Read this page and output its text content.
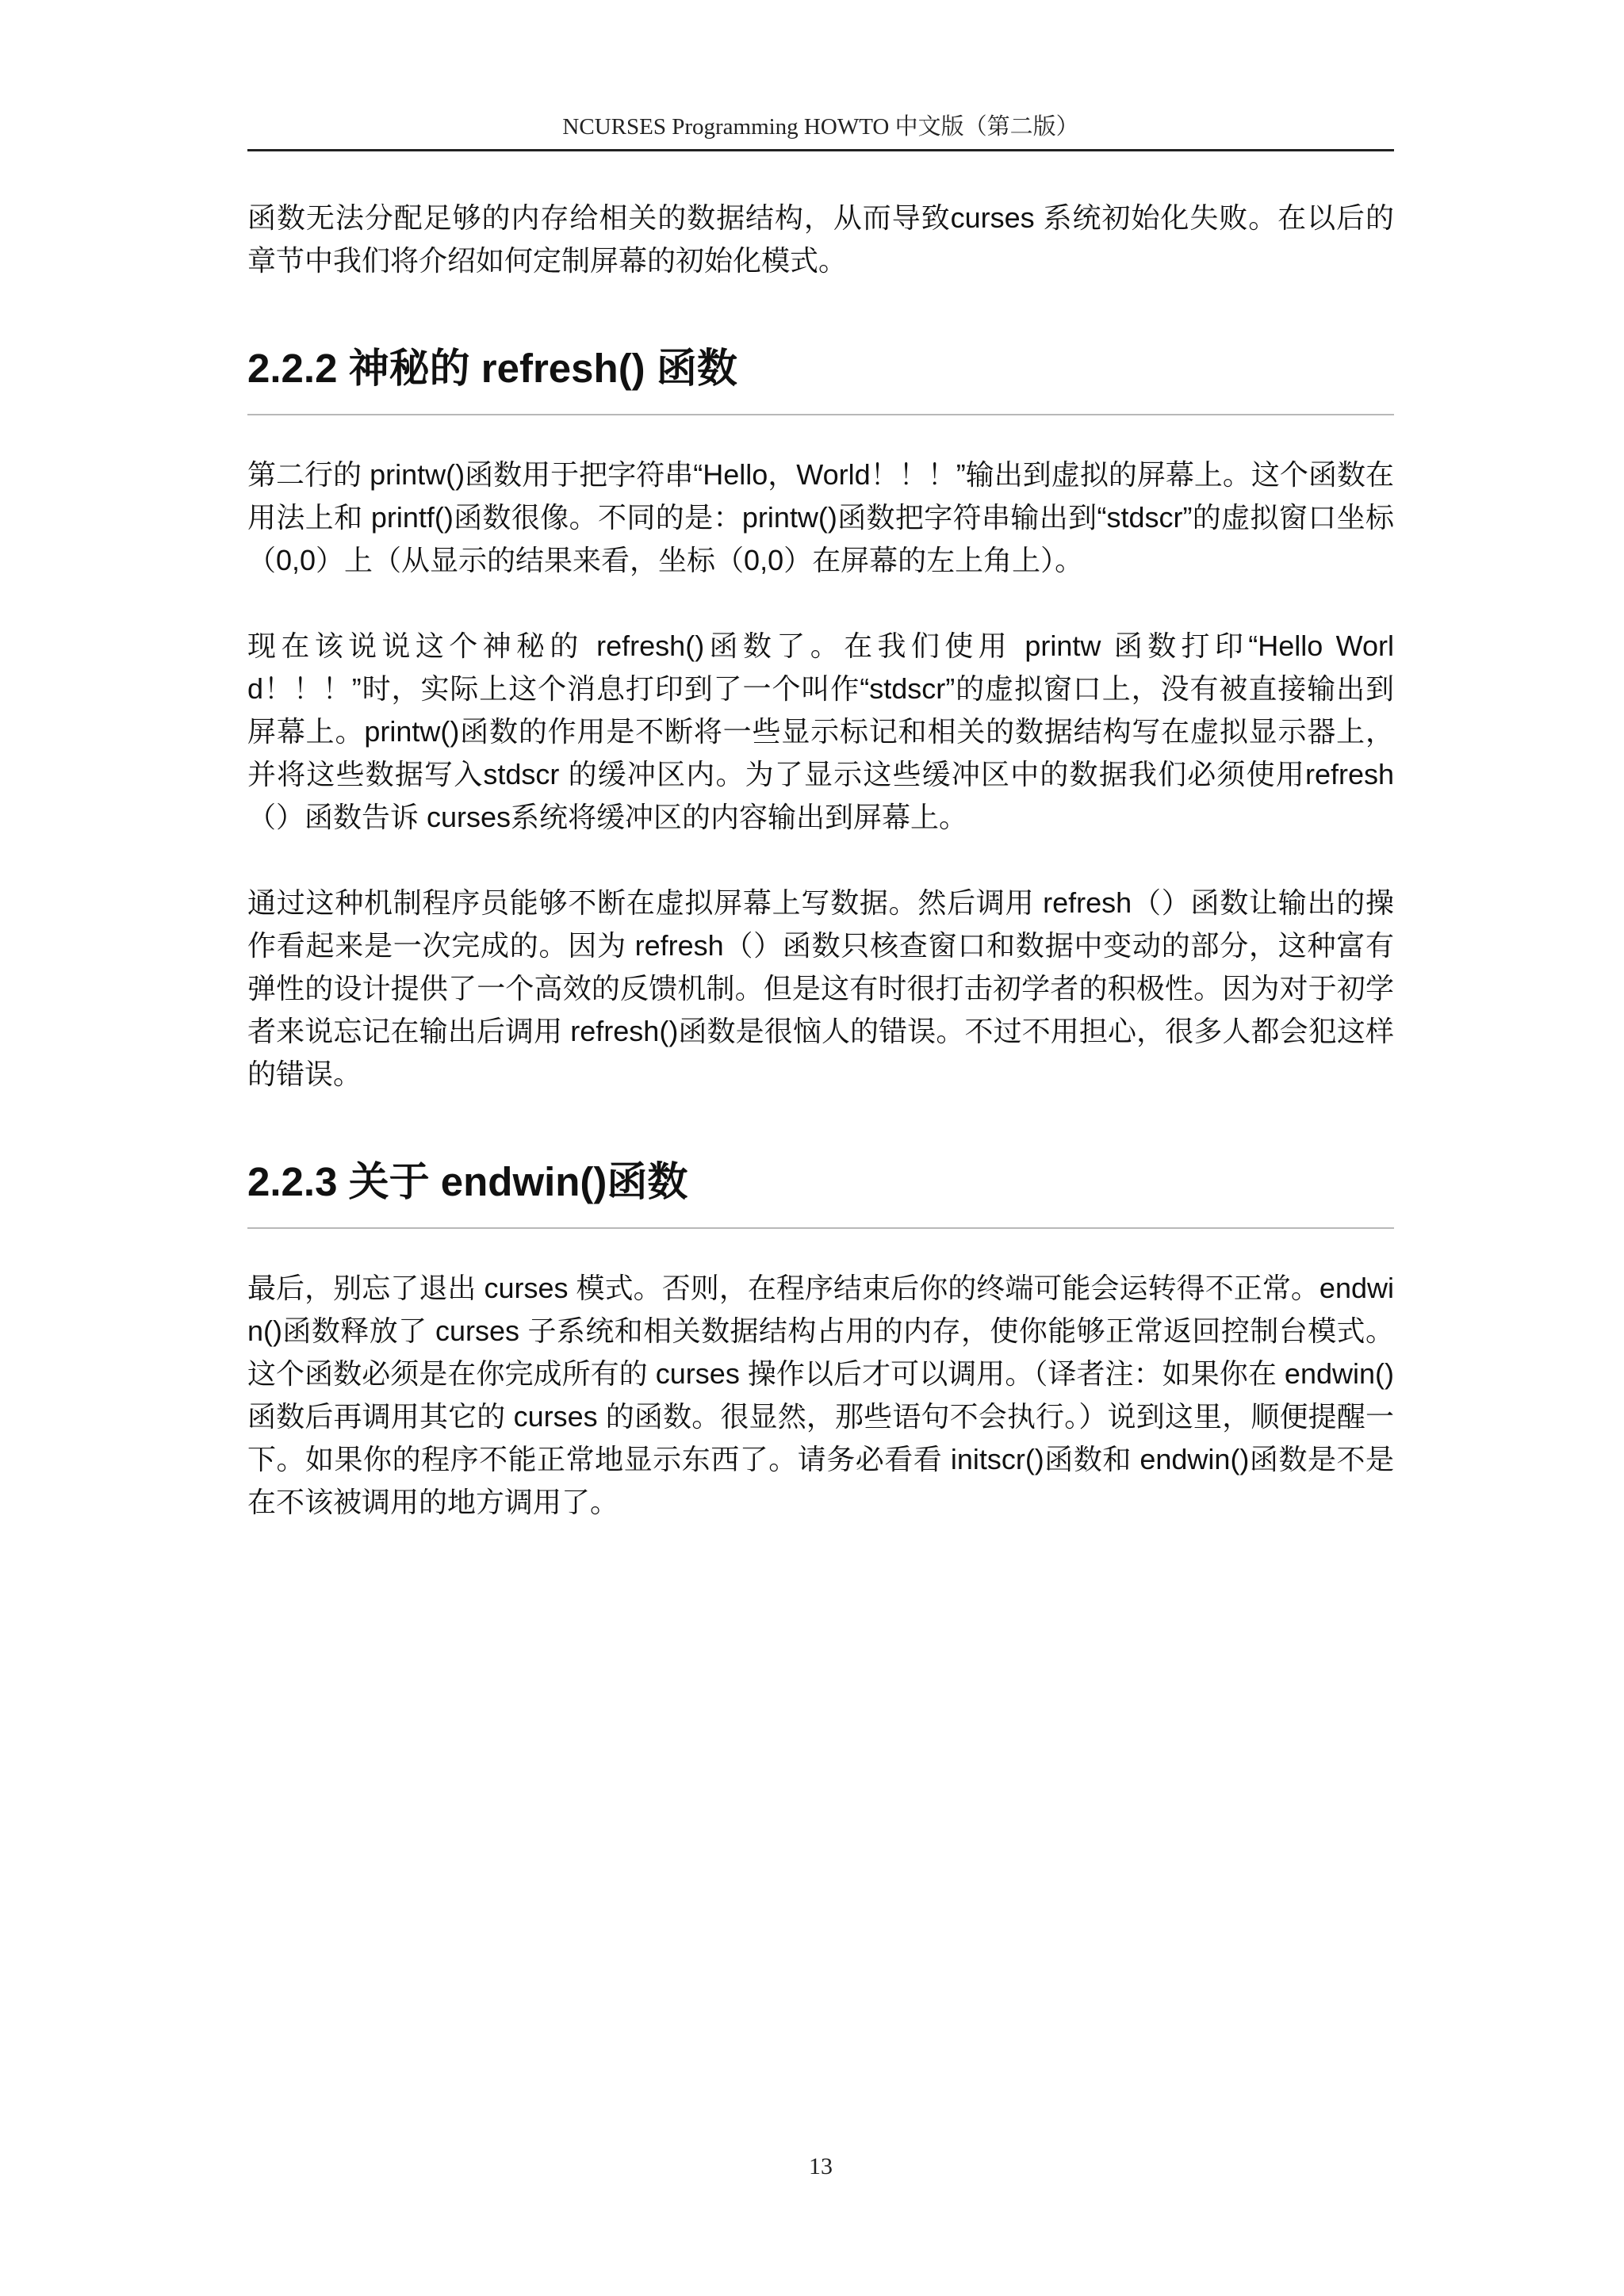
NCURSES Programming HOWTO 中文版（第二版）

函数无法分配足够的内存给相关的数据结构，从而导致curses 系统初始化失败。在以后的章节中我们将介绍如何定制屏幕的初始化模式。

2.2.2 神秘的 refresh() 函数

第二行的 printw()函数用于把字符串“Hello，World！！！”输出到虚拟的屏幕上。这个函数在用法上和 printf()函数很像。不同的是：printw()函数把字符串输出到“stdscr”的虚拟窗口坐标（0,0）上（从显示的结果来看，坐标（0,0）在屏幕的左上角上）。

现在该说说这个神秘的 refresh()函数了。在我们使用 printw 函数打印“Hello World！！！”时，实际上这个消息打印到了一个叫作“stdscr”的虚拟窗口上，没有被直接输出到屏幕上。printw()函数的作用是不断将一些显示标记和相关的数据结构写在虚拟显示器上，并将这些数据写入stdscr 的缓冲区内。为了显示这些缓冲区中的数据我们必须使用refresh（）函数告诉 curses系统将缓冲区的内容输出到屏幕上。

通过这种机制程序员能够不断在虚拟屏幕上写数据。然后调用 refresh（）函数让输出的操作看起来是一次完成的。因为 refresh（）函数只核查窗口和数据中变动的部分，这种富有弹性的设计提供了一个高效的反馈机制。但是这有时很打击初学者的积极性。因为对于初学者来说忘记在输出后调用 refresh()函数是很恼人的错误。不过不用担心，很多人都会犯这样的错误。

2.2.3 关于 endwin()函数

最后，别忘了退出 curses 模式。否则，在程序结束后你的终端可能会运转得不正常。endwin()函数释放了 curses 子系统和相关数据结构占用的内存，使你能够正常返回控制台模式。这个函数必须是在你完成所有的 curses 操作以后才可以调用。（译者注：如果你在 endwin()函数后再调用其它的 curses 的函数。很显然，那些语句不会执行。）说到这里，顺便提醒一下。如果你的程序不能正常地显示东西了。请务必看看 initscr()函数和 endwin()函数是不是在不该被调用的地方调用了。

13
